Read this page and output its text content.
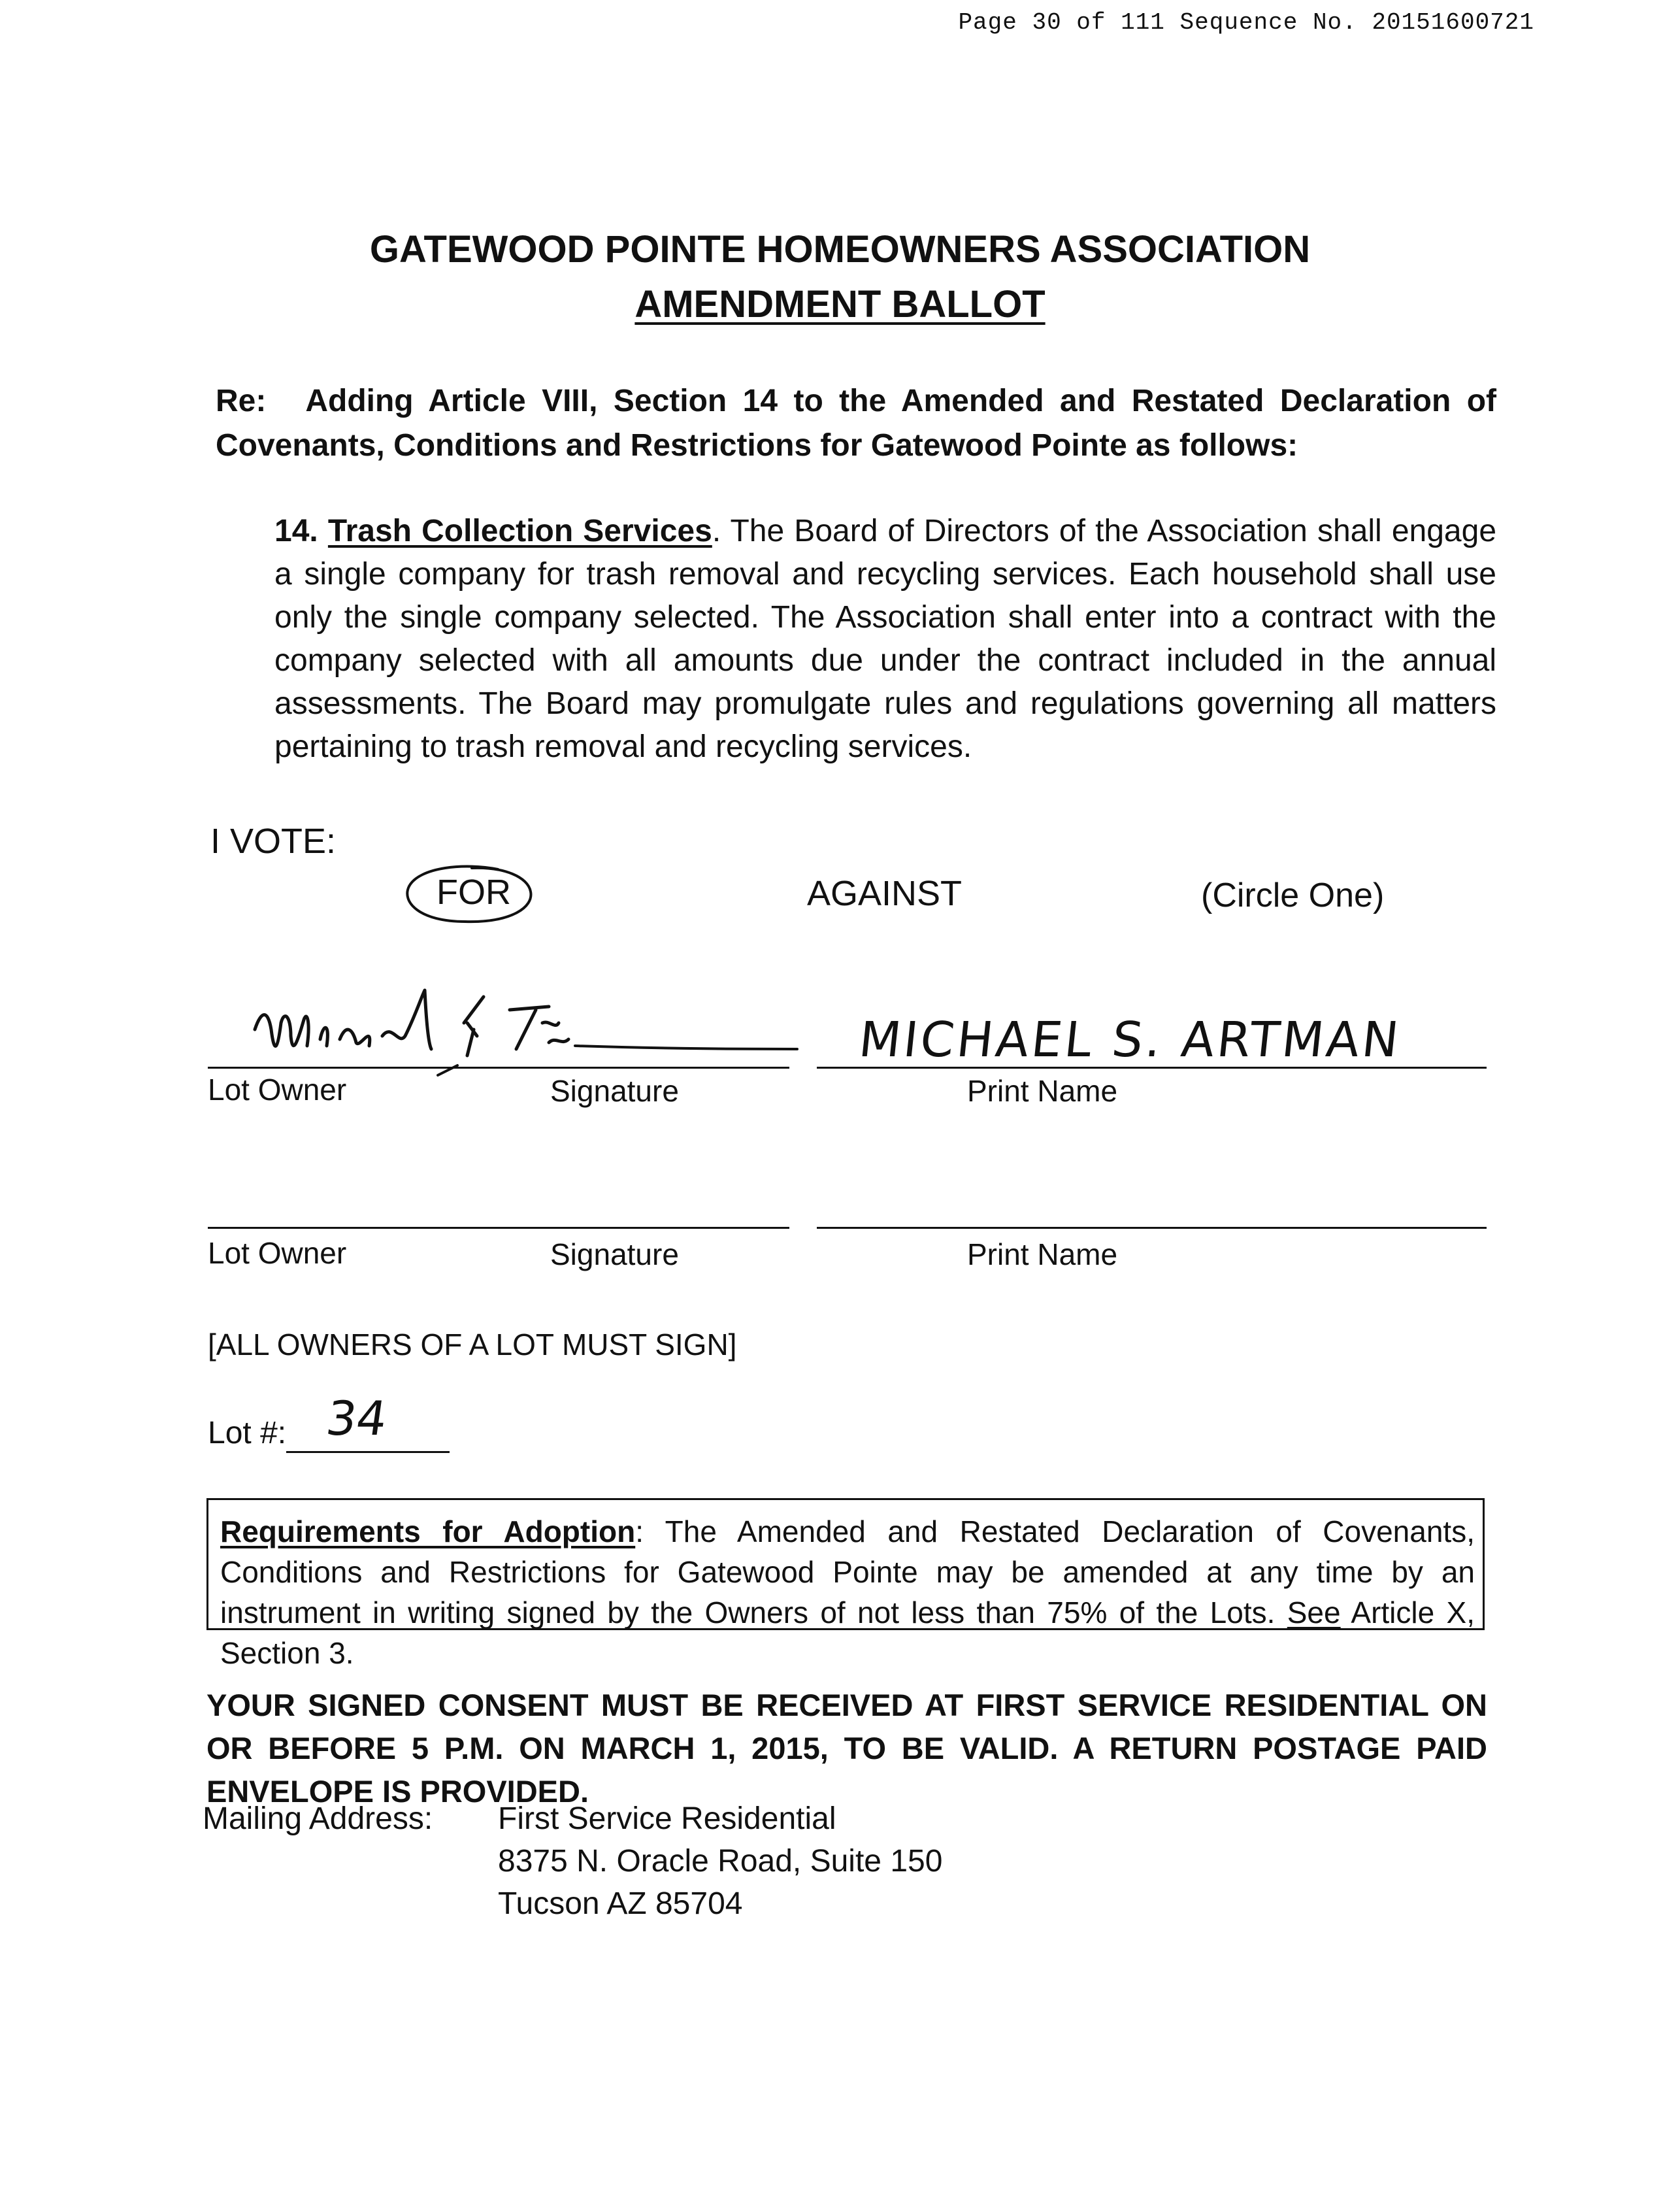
Page 30 of 111 Sequence No. 20151600721
GATEWOOD POINTE HOMEOWNERS ASSOCIATION
AMENDMENT BALLOT
Re: Adding Article VIII, Section 14 to the Amended and Restated Declaration of Covenants, Conditions and Restrictions for Gatewood Pointe as follows:
14. Trash Collection Services. The Board of Directors of the Association shall engage a single company for trash removal and recycling services. Each household shall use only the single company selected. The Association shall enter into a contract with the company selected with all amounts due under the contract included in the annual assessments. The Board may promulgate rules and regulations governing all matters pertaining to trash removal and recycling services.
I VOTE:
FOR	AGAINST	(Circle One)
MICHAEL S. ARTMAN
Lot Owner	Signature	Print Name
Lot Owner	Signature	Print Name
[ALL OWNERS OF A LOT MUST SIGN]
Lot #: 34
Requirements for Adoption: The Amended and Restated Declaration of Covenants, Conditions and Restrictions for Gatewood Pointe may be amended at any time by an instrument in writing signed by the Owners of not less than 75% of the Lots. See Article X, Section 3.
YOUR SIGNED CONSENT MUST BE RECEIVED AT FIRST SERVICE RESIDENTIAL ON OR BEFORE 5 P.M. ON MARCH 1, 2015, TO BE VALID. A RETURN POSTAGE PAID ENVELOPE IS PROVIDED.
Mailing Address: First Service Residential
8375 N. Oracle Road, Suite 150
Tucson AZ 85704
